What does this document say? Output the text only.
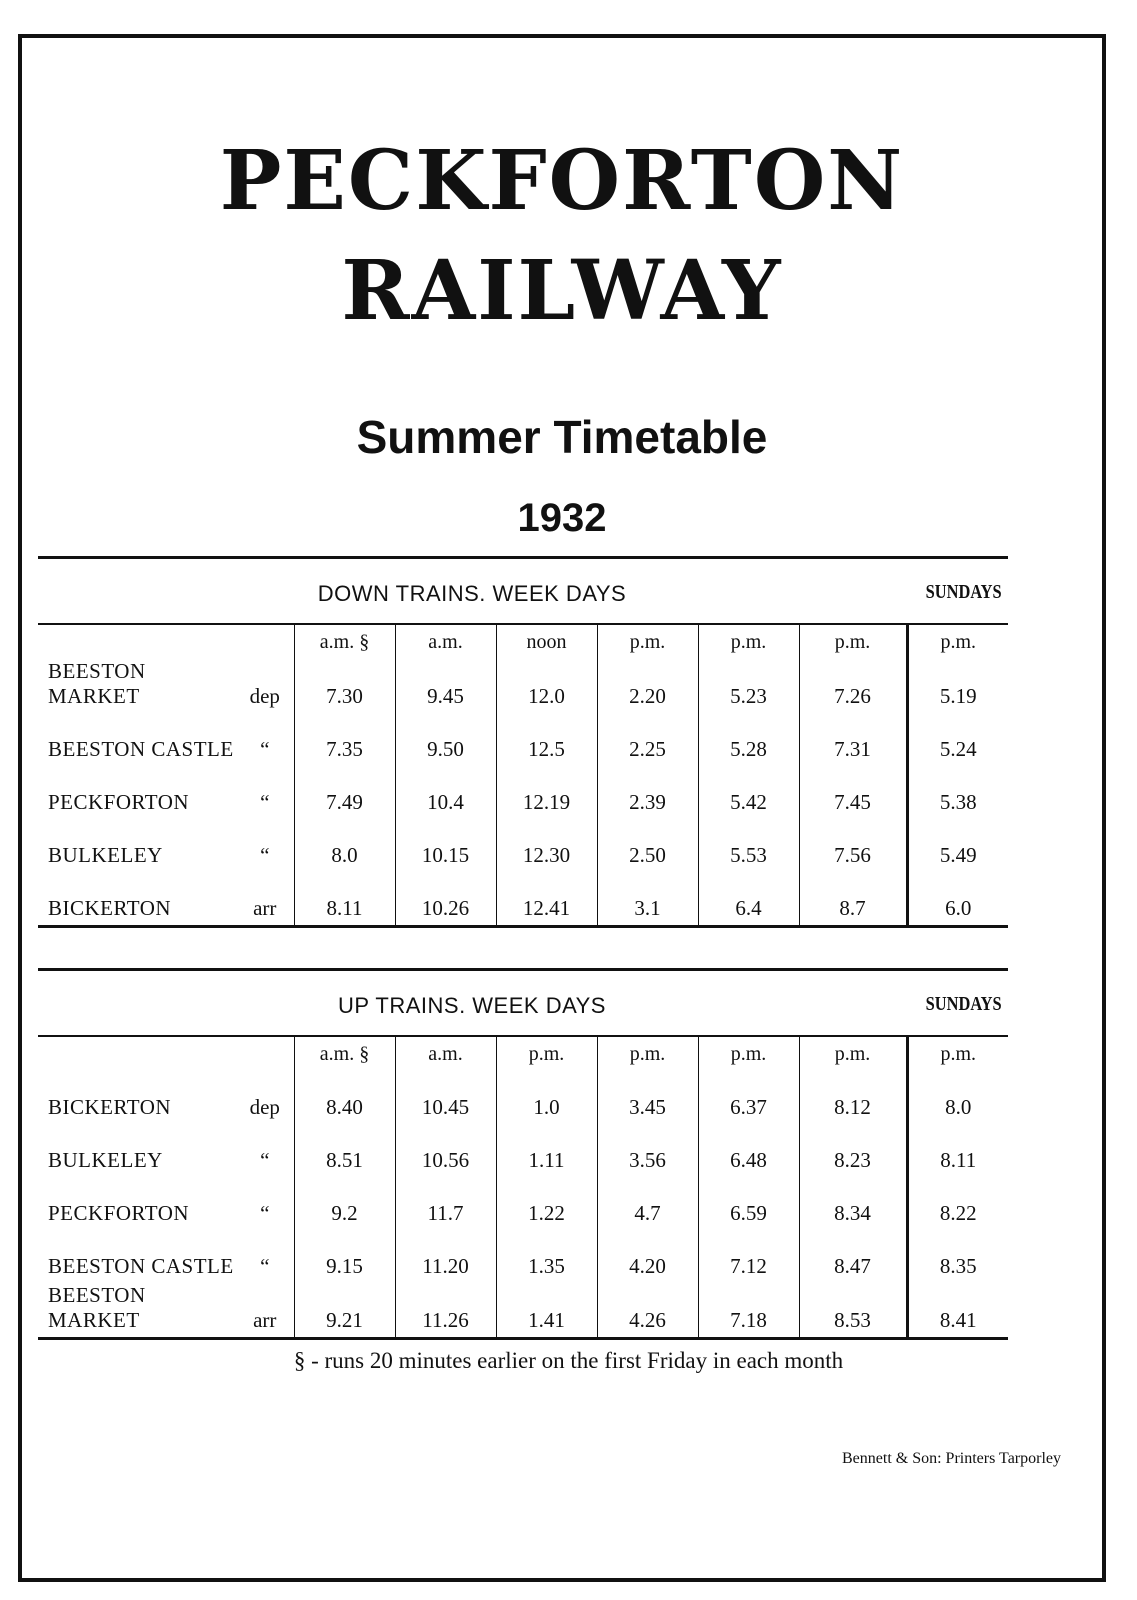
PECKFORTON
RAILWAY
Summer Timetable
1932
DOWN TRAINS. WEEK DAYS	SUNDAYS
		a.m. §	a.m.	noon	p.m.	p.m.	p.m.	p.m.
BEESTON MARKET	dep	7.30	9.45	12.0	2.20	5.23	7.26	5.19
BEESTON CASTLE	“	7.35	9.50	12.5	2.25	5.28	7.31	5.24
PECKFORTON	“	7.49	10.4	12.19	2.39	5.42	7.45	5.38
BULKELEY	“	8.0	10.15	12.30	2.50	5.53	7.56	5.49
BICKERTON	arr	8.11	10.26	12.41	3.1	6.4	8.7	6.0
UP TRAINS. WEEK DAYS	SUNDAYS
		a.m. §	a.m.	p.m.	p.m.	p.m.	p.m.	p.m.
BICKERTON	dep	8.40	10.45	1.0	3.45	6.37	8.12	8.0
BULKELEY	“	8.51	10.56	1.11	3.56	6.48	8.23	8.11
PECKFORTON	“	9.2	11.7	1.22	4.7	6.59	8.34	8.22
BEESTON CASTLE	“	9.15	11.20	1.35	4.20	7.12	8.47	8.35
BEESTON MARKET	arr	9.21	11.26	1.41	4.26	7.18	8.53	8.41
§ - runs 20 minutes earlier on the first Friday in each month
Bennett & Son: Printers Tarporley
